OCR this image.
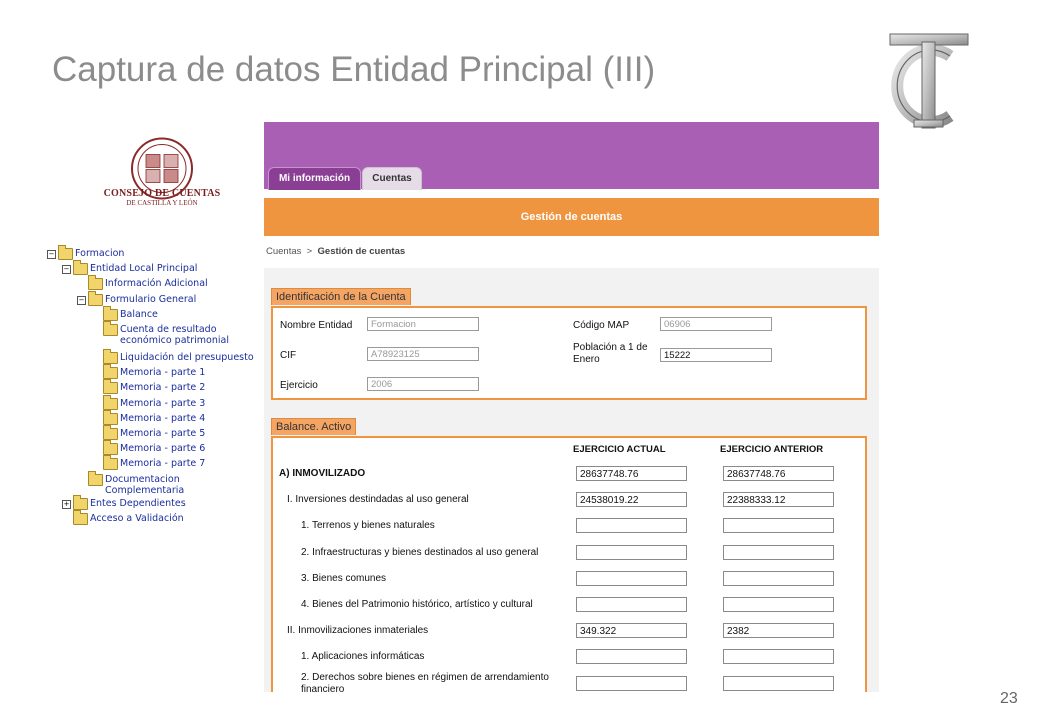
Captura de datos Entidad Principal (III)
CONSEJO DE CUENTAS
DE CASTILLA Y LEÓN
− Formacion
− Entidad Local Principal
Información Adicional
− Formulario General
Balance
Cuenta de resultado
económico patrimonial
Liquidación del presupuesto
Memoria - parte 1
Memoria - parte 2
Memoria - parte 3
Memoria - parte 4
Memoria - parte 5
Memoria - parte 6
Memoria - parte 7
Documentacion
Complementaria
+ Entes Dependientes
Acceso a Validación
Mi información	Cuentas
Gestión de cuentas
Cuentas > Gestión de cuentas
Identificación de la Cuenta
Nombre Entidad	Formacion
CIF	A78923125
Ejercicio	2006
Código MAP	06906
Población a 1 de
Enero	15222
Balance. Activo
EJERCICIO ACTUAL	EJERCICIO ANTERIOR
A) INMOVILIZADO	28637748.76	28637748.76
I. Inversiones destindadas al uso general	24538019.22	22388333.12
1. Terrenos y bienes naturales
2. Infraestructuras y bienes destinados al uso general
3. Bienes comunes
4. Bienes del Patrimonio histórico, artístico y cultural
II. Inmovilizaciones inmateriales	349.322	2382
1. Aplicaciones informáticas
2. Derechos sobre bienes en régimen de arrendamiento
financiero
23
